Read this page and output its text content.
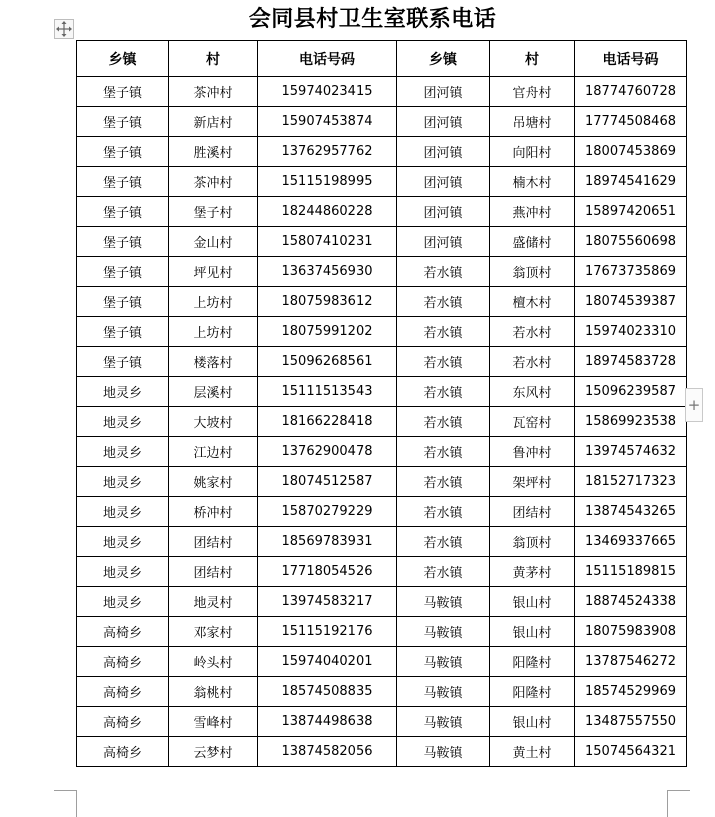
会同县村卫生室联系电话
乡镇	村	电话号码	乡镇	村	电话号码
堡子镇	茶冲村	15974023415	团河镇	官舟村	18774760728
堡子镇	新店村	15907453874	团河镇	吊塘村	17774508468
堡子镇	胜溪村	13762957762	团河镇	向阳村	18007453869
堡子镇	茶冲村	15115198995	团河镇	楠木村	18974541629
堡子镇	堡子村	18244860228	团河镇	燕冲村	15897420651
堡子镇	金山村	15807410231	团河镇	盛储村	18075560698
堡子镇	坪见村	13637456930	若水镇	翁顶村	17673735869
堡子镇	上坊村	18075983612	若水镇	檀木村	18074539387
堡子镇	上坊村	18075991202	若水镇	若水村	15974023310
堡子镇	楼落村	15096268561	若水镇	若水村	18974583728
地灵乡	层溪村	15111513543	若水镇	东风村	15096239587
地灵乡	大坡村	18166228418	若水镇	瓦窑村	15869923538
地灵乡	江边村	13762900478	若水镇	鲁冲村	13974574632
地灵乡	姚家村	18074512587	若水镇	架坪村	18152717323
地灵乡	桥冲村	15870279229	若水镇	团结村	13874543265
地灵乡	团结村	18569783931	若水镇	翁顶村	13469337665
地灵乡	团结村	17718054526	若水镇	黄茅村	15115189815
地灵乡	地灵村	13974583217	马鞍镇	银山村	18874524338
高椅乡	邓家村	15115192176	马鞍镇	银山村	18075983908
高椅乡	岭头村	15974040201	马鞍镇	阳隆村	13787546272
高椅乡	翁桃村	18574508835	马鞍镇	阳隆村	18574529969
高椅乡	雪峰村	13874498638	马鞍镇	银山村	13487557550
高椅乡	云梦村	13874582056	马鞍镇	黄土村	15074564321
+
